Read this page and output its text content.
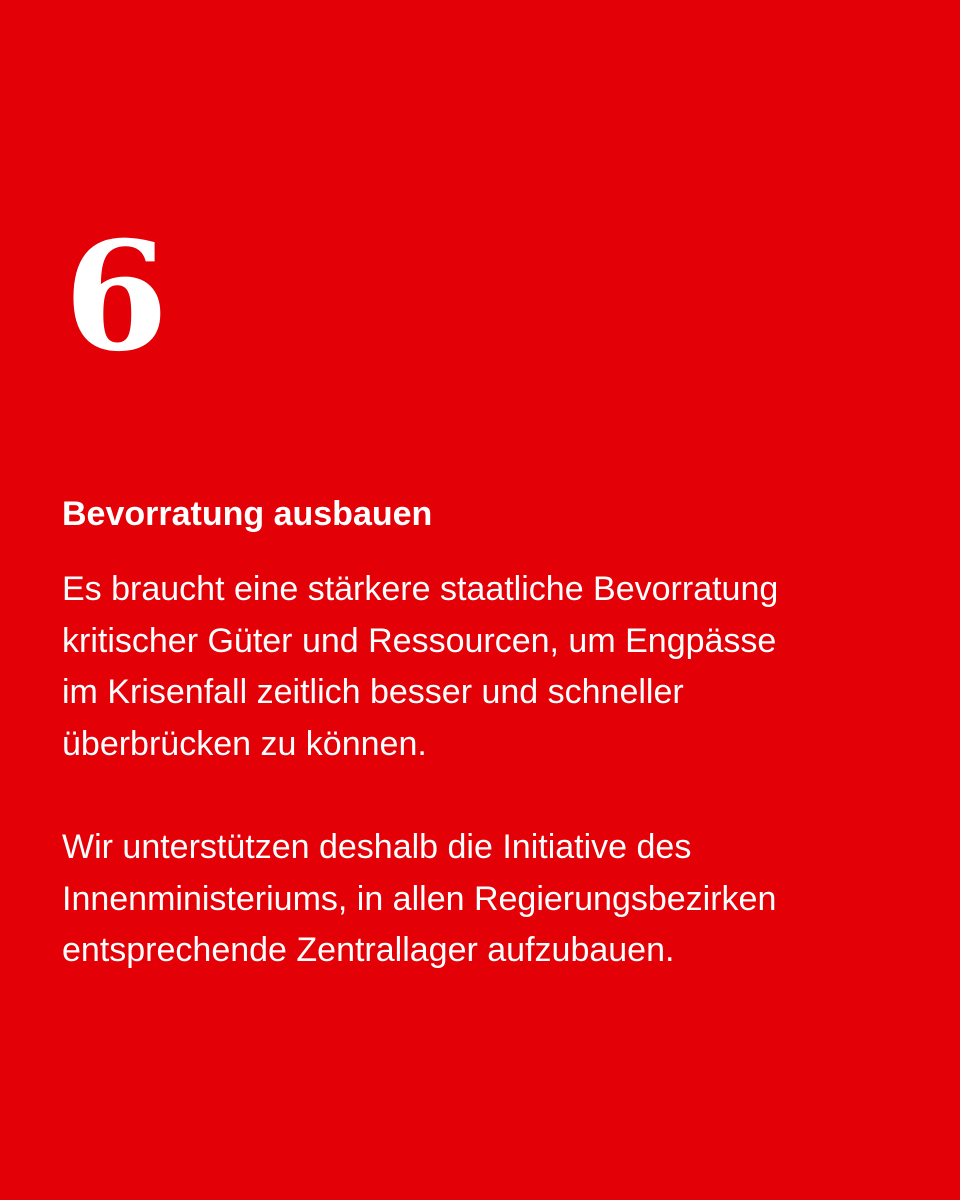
6
Bevorratung ausbauen

Es braucht eine stärkere staatliche Bevorratung
kritischer Güter und Ressourcen, um Engpässe
im Krisenfall zeitlich besser und schneller
überbrücken zu können.

Wir unterstützen deshalb die Initiative des
Innenministeriums, in allen Regierungsbezirken
entsprechende Zentrallager aufzubauen.
